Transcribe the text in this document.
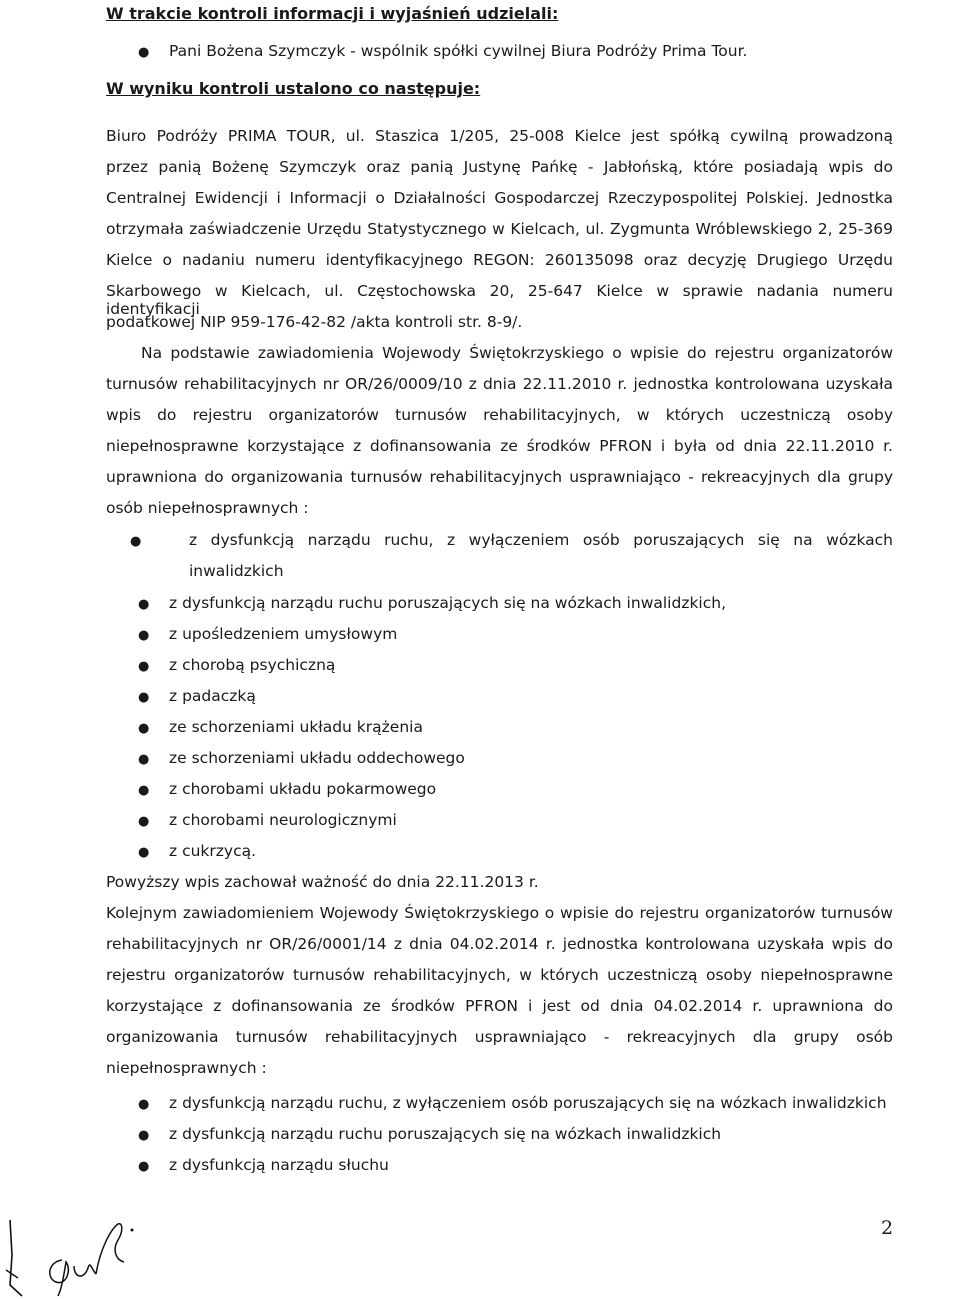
W trakcie kontroli informacji i wyjaśnień udzielali:
● Pani Bożena Szymczyk - wspólnik spółki cywilnej Biura Podróży Prima Tour.
W wyniku kontroli ustalono co następuje:
Biuro Podróży PRIMA TOUR, ul. Staszica 1/205, 25-008 Kielce jest spółką cywilną prowadzoną
przez panią Bożenę Szymczyk oraz panią Justynę Pańkę - Jabłońską, które posiadają wpis do
Centralnej Ewidencji i Informacji o Działalności Gospodarczej Rzeczypospolitej Polskiej. Jednostka
otrzymała zaświadczenie Urzędu Statystycznego w Kielcach, ul. Zygmunta Wróblewskiego 2, 25-369
Kielce o nadaniu numeru identyfikacyjnego REGON: 260135098 oraz decyzję Drugiego Urzędu
Skarbowego w Kielcach, ul. Częstochowska 20, 25-647 Kielce w sprawie nadania numeru identyfikacji
podatkowej NIP 959-176-42-82 /akta kontroli str. 8-9/.
Na podstawie zawiadomienia Wojewody Świętokrzyskiego o wpisie do rejestru organizatorów
turnusów rehabilitacyjnych nr OR/26/0009/10 z dnia 22.11.2010 r. jednostka kontrolowana uzyskała
wpis do rejestru organizatorów turnusów rehabilitacyjnych, w których uczestniczą osoby
niepełnosprawne korzystające z dofinansowania ze środków PFRON i była od dnia 22.11.2010 r.
uprawniona do organizowania turnusów rehabilitacyjnych usprawniająco - rekreacyjnych dla grupy
osób niepełnosprawnych :
●	z dysfunkcją narządu ruchu, z wyłączeniem osób poruszających się na wózkach
inwalidzkich
● z dysfunkcją narządu ruchu poruszających się na wózkach inwalidzkich,
● z upośledzeniem umysłowym
● z chorobą psychiczną
● z padaczką
● ze schorzeniami układu krążenia
● ze schorzeniami układu oddechowego
● z chorobami układu pokarmowego
● z chorobami neurologicznymi
● z cukrzycą.
Powyższy wpis zachował ważność do dnia 22.11.2013 r.
Kolejnym zawiadomieniem Wojewody Świętokrzyskiego o wpisie do rejestru organizatorów turnusów
rehabilitacyjnych nr OR/26/0001/14 z dnia 04.02.2014 r. jednostka kontrolowana uzyskała wpis do
rejestru organizatorów turnusów rehabilitacyjnych, w których uczestniczą osoby niepełnosprawne
korzystające z dofinansowania ze środków PFRON i jest od dnia 04.02.2014 r. uprawniona do
organizowania turnusów rehabilitacyjnych usprawniająco - rekreacyjnych dla grupy osób
niepełnosprawnych :
● z dysfunkcją narządu ruchu, z wyłączeniem osób poruszających się na wózkach inwalidzkich
● z dysfunkcją narządu ruchu poruszających się na wózkach inwalidzkich
● z dysfunkcją narządu słuchu
2
